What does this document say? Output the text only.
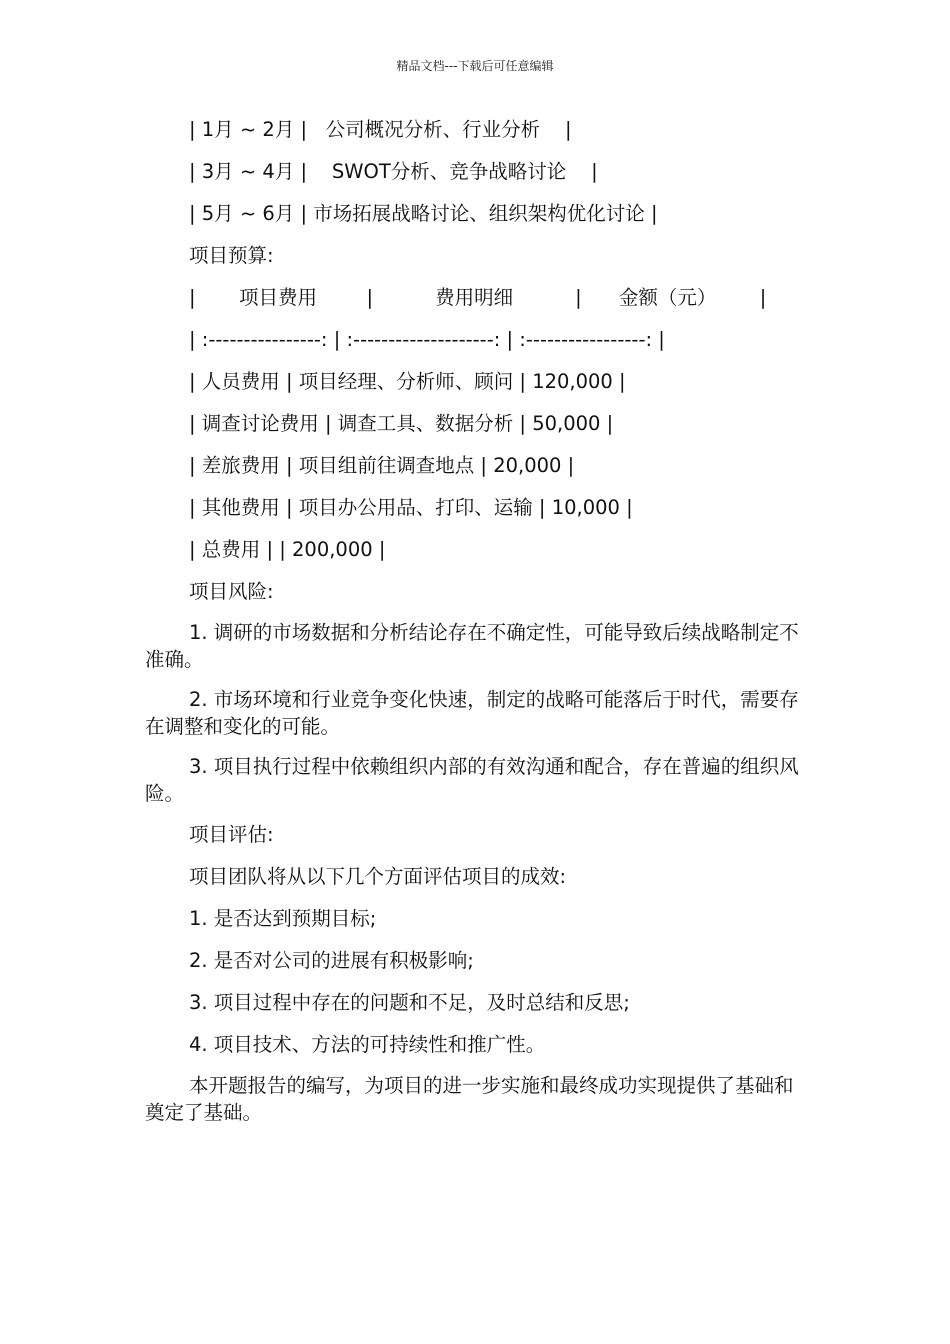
精品文档---下载后可任意编辑
| 1月 ~ 2月 |   公司概况分析、行业分析    |
| 3月 ~ 4月 |    SWOT分析、竞争战略讨论    |
| 5月 ~ 6月 | 市场拓展战略讨论、组织架构优化讨论 |
项目预算:
|       项目费用        |          费用明细          |      金额（元）       |
| :----------------: | :--------------------: | :-----------------: |
| 人员费用 | 项目经理、分析师、顾问 | 120,000 |
| 调查讨论费用 | 调查工具、数据分析 | 50,000 |
| 差旅费用 | 项目组前往调查地点 | 20,000 |
| 其他费用 | 项目办公用品、打印、运输 | 10,000 |
| 总费用 | | 200,000 |
项目风险:
1. 调研的市场数据和分析结论存在不确定性，可能导致后续战略制定不准确。
2. 市场环境和行业竞争变化快速，制定的战略可能落后于时代，需要存在调整和变化的可能。
3. 项目执行过程中依赖组织内部的有效沟通和配合，存在普遍的组织风险。
项目评估:
项目团队将从以下几个方面评估项目的成效:
1. 是否达到预期目标;
2. 是否对公司的进展有积极影响;
3. 项目过程中存在的问题和不足，及时总结和反思;
4. 项目技术、方法的可持续性和推广性。
本开题报告的编写，为项目的进一步实施和最终成功实现提供了基础和奠定了基础。
